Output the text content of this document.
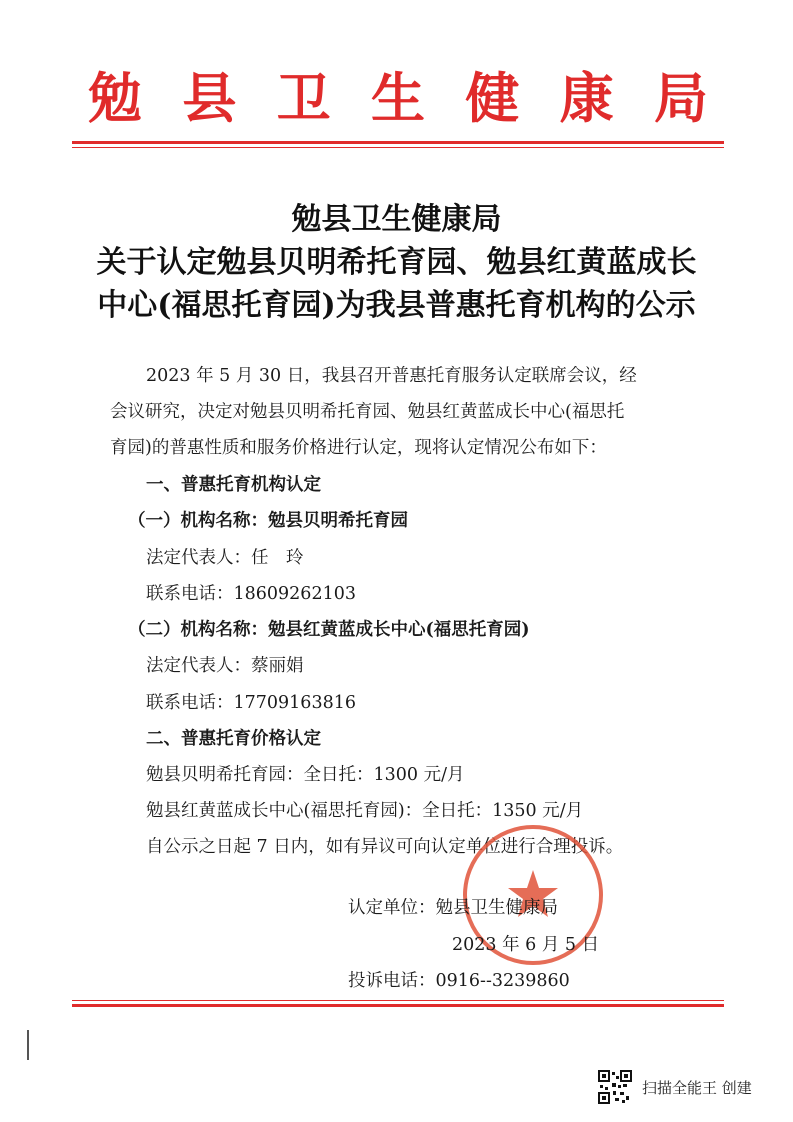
勉 县 卫 生 健 康 局
勉县卫生健康局
关于认定勉县贝明希托育园、勉县红黄蓝成长
中心(福思托育园)为我县普惠托育机构的公示
2023 年 5 月 30 日，我县召开普惠托育服务认定联席会议，经
会议研究，决定对勉县贝明希托育园、勉县红黄蓝成长中心(福思托
育园)的普惠性质和服务价格进行认定，现将认定情况公布如下：
一、普惠托育机构认定
（一）机构名称：勉县贝明希托育园
法定代表人：任　玲
联系电话：18609262103
（二）机构名称：勉县红黄蓝成长中心(福思托育园)
法定代表人：蔡丽娟
联系电话：17709163816
二、普惠托育价格认定
勉县贝明希托育园：全日托：1300 元/月
勉县红黄蓝成长中心(福思托育园)：全日托：1350 元/月
自公示之日起 7 日内，如有异议可向认定单位进行合理投诉。
认定单位：勉县卫生健康局
2023 年 6 月 5 日
投诉电话：0916--3239860
扫描全能王 创建
